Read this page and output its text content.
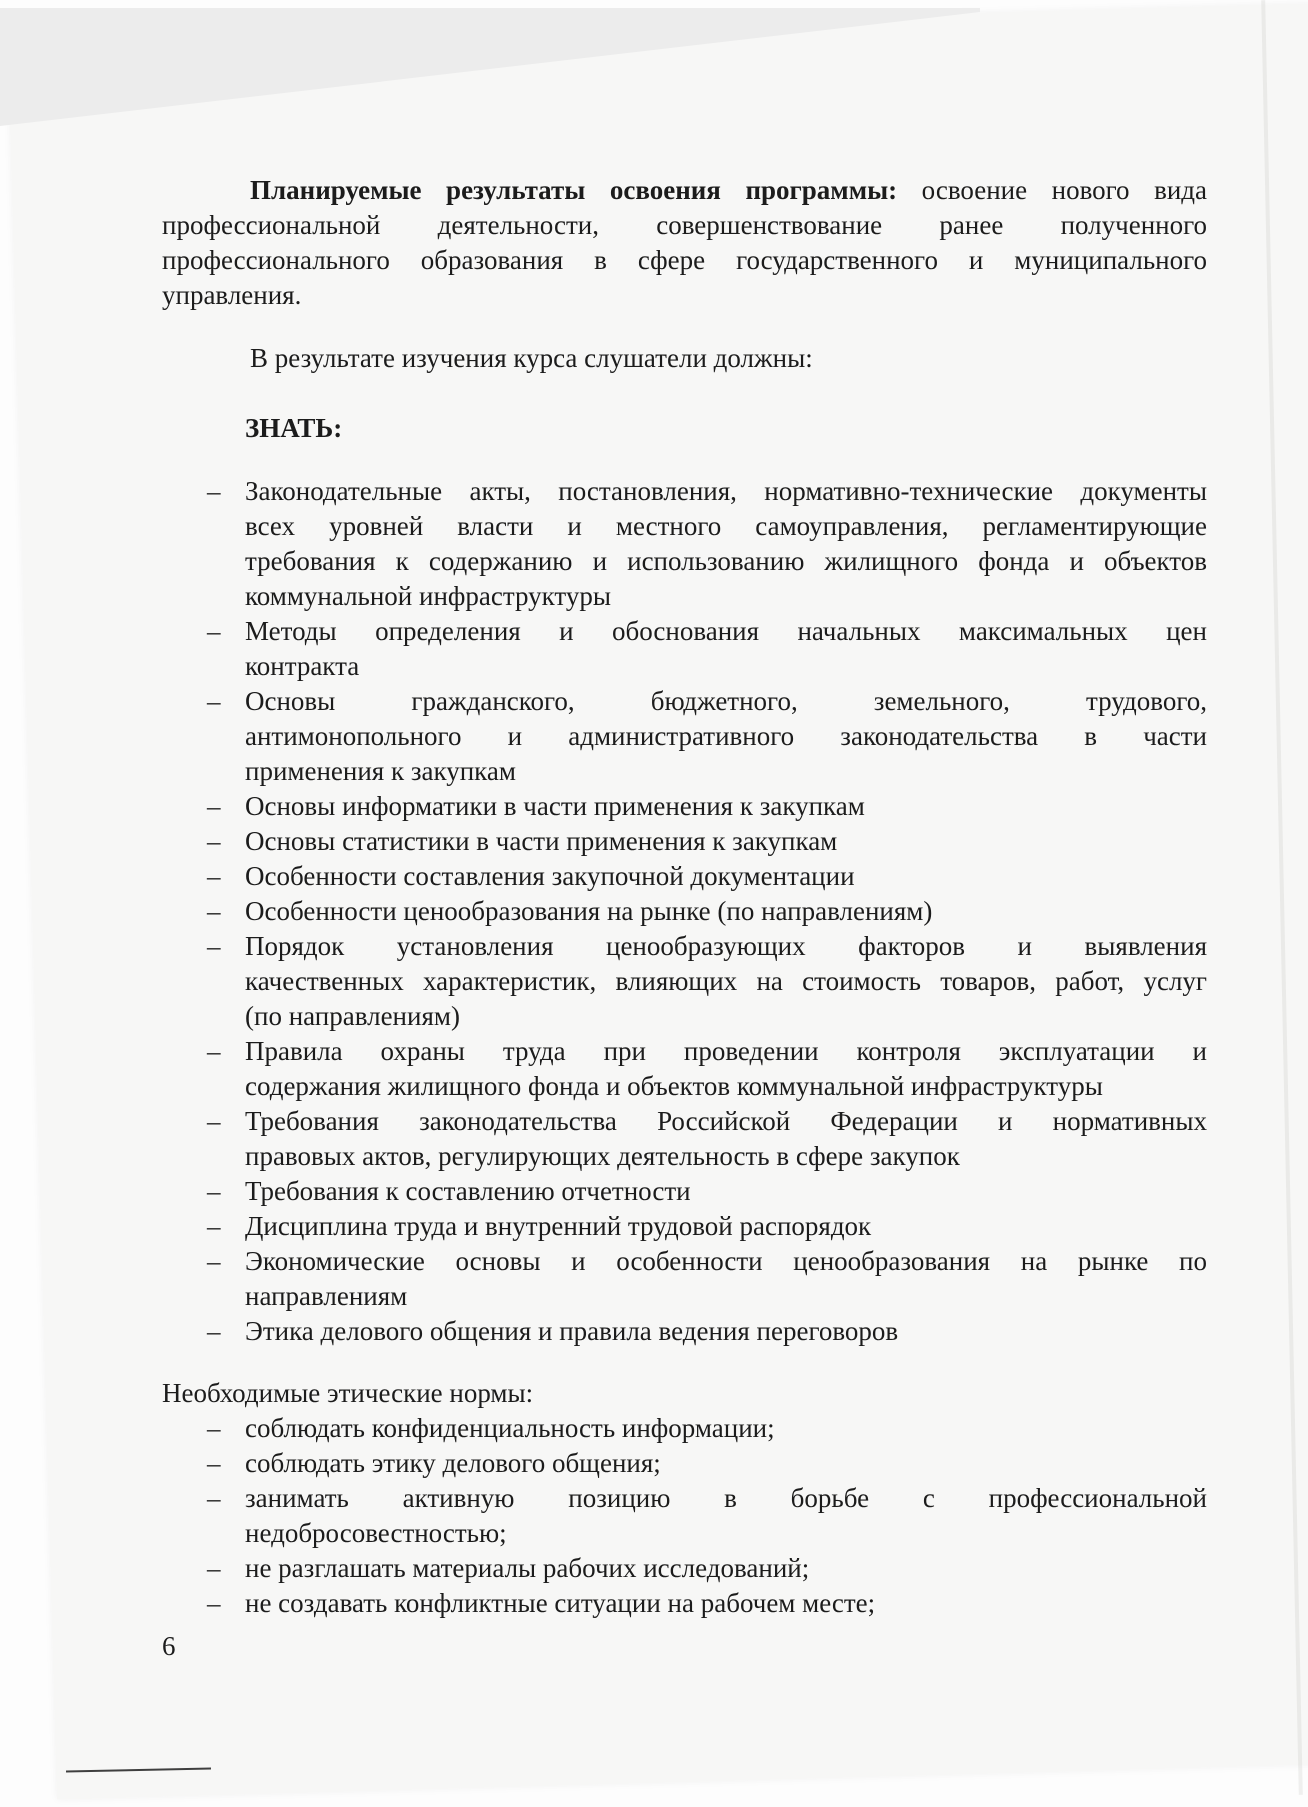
Планируемые результаты освоения программы: освоение нового вида
профессиональной деятельности, совершенствование ранее полученного
профессионального образования в сфере государственного и муниципального
управления.
В результате изучения курса слушатели должны:
ЗНАТЬ:
– Законодательные акты, постановления, нормативно-технические документы
всех уровней власти и местного самоуправления, регламентирующие
требования к содержанию и использованию жилищного фонда и объектов
коммунальной инфраструктуры
– Методы определения и обоснования начальных максимальных цен
контракта
– Основы гражданского, бюджетного, земельного, трудового,
антимонопольного и административного законодательства в части
применения к закупкам
– Основы информатики в части применения к закупкам
– Основы статистики в части применения к закупкам
– Особенности составления закупочной документации
– Особенности ценообразования на рынке (по направлениям)
– Порядок установления ценообразующих факторов и выявления
качественных характеристик, влияющих на стоимость товаров, работ, услуг
(по направлениям)
– Правила охраны труда при проведении контроля эксплуатации и
содержания жилищного фонда и объектов коммунальной инфраструктуры
– Требования законодательства Российской Федерации и нормативных
правовых актов, регулирующих деятельность в сфере закупок
– Требования к составлению отчетности
– Дисциплина труда и внутренний трудовой распорядок
– Экономические основы и особенности ценообразования на рынке по
направлениям
– Этика делового общения и правила ведения переговоров
Необходимые этические нормы:
– соблюдать конфиденциальность информации;
– соблюдать этику делового общения;
– занимать активную позицию в борьбе с профессиональной
недобросовестностью;
– не разглашать материалы рабочих исследований;
– не создавать конфликтные ситуации на рабочем месте;
6
